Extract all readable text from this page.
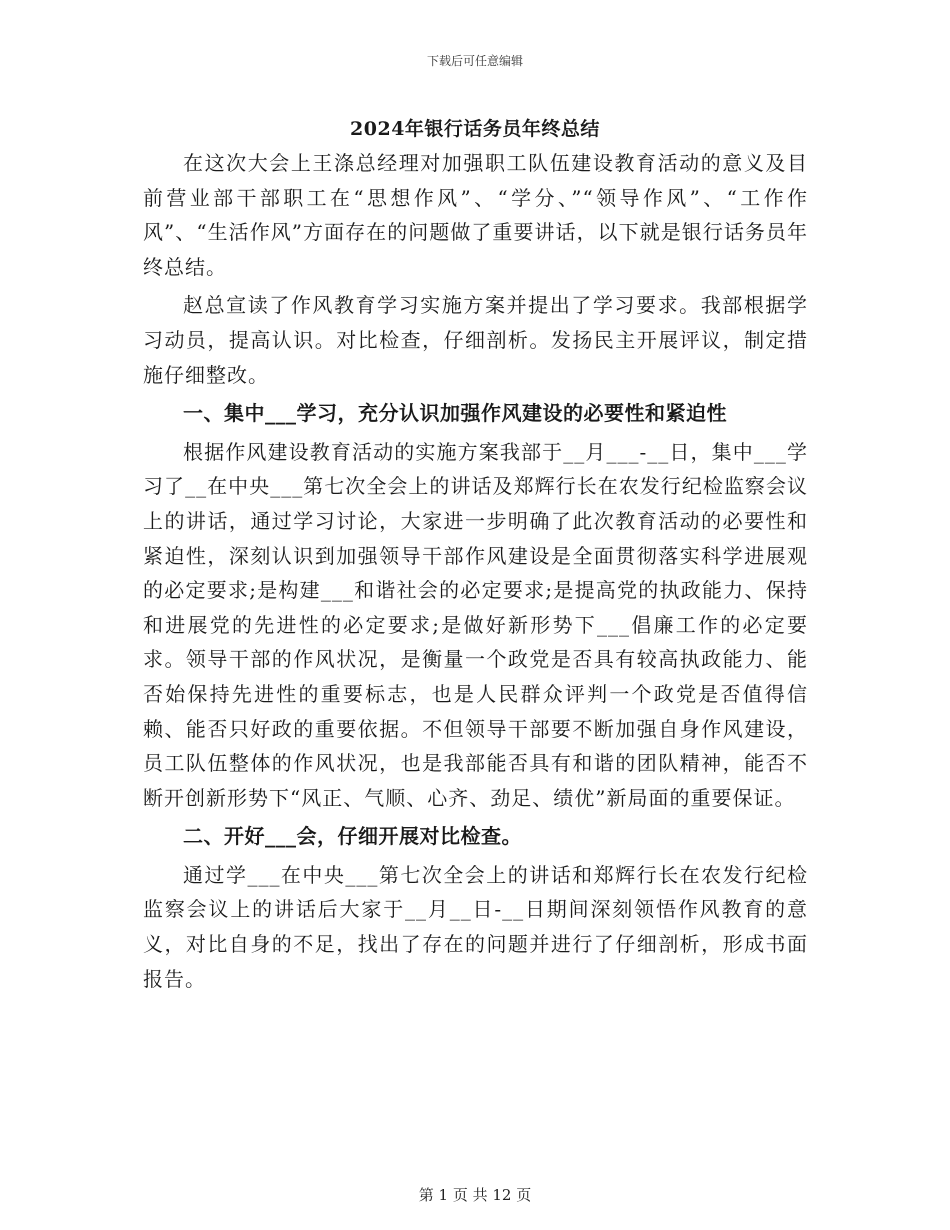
下载后可任意编辑
2024年银行话务员年终总结

在这次大会上王涤总经理对加强职工队伍建设教育活动的意义及目前营业部干部职工在“思想作风”、“学分、”“领导作风”、“工作作风”、“生活作风”方面存在的问题做了重要讲话，以下就是银行话务员年终总结。

赵总宣读了作风教育学习实施方案并提出了学习要求。我部根据学习动员，提高认识。对比检查，仔细剖析。发扬民主开展评议，制定措施仔细整改。

一、集中___学习，充分认识加强作风建设的必要性和紧迫性

根据作风建设教育活动的实施方案我部于__月___-__日，集中___学习了__在中央___第七次全会上的讲话及郑辉行长在农发行纪检监察会议上的讲话，通过学习讨论，大家进一步明确了此次教育活动的必要性和紧迫性，深刻认识到加强领导干部作风建设是全面贯彻落实科学进展观的必定要求;是构建___和谐社会的必定要求;是提高党的执政能力、保持和进展党的先进性的必定要求;是做好新形势下___倡廉工作的必定要求。领导干部的作风状况，是衡量一个政党是否具有较高执政能力、能否始保持先进性的重要标志，也是人民群众评判一个政党是否值得信赖、能否只好政的重要依据。不但领导干部要不断加强自身作风建设，员工队伍整体的作风状况，也是我部能否具有和谐的团队精神，能否不断开创新形势下“风正、气顺、心齐、劲足、绩优”新局面的重要保证。

二、开好___会，仔细开展对比检查。

通过学___在中央___第七次全会上的讲话和郑辉行长在农发行纪检监察会议上的讲话后大家于__月__日-__日期间深刻领悟作风教育的意义，对比自身的不足，找出了存在的问题并进行了仔细剖析，形成书面报告。

第 1 页 共 12 页
